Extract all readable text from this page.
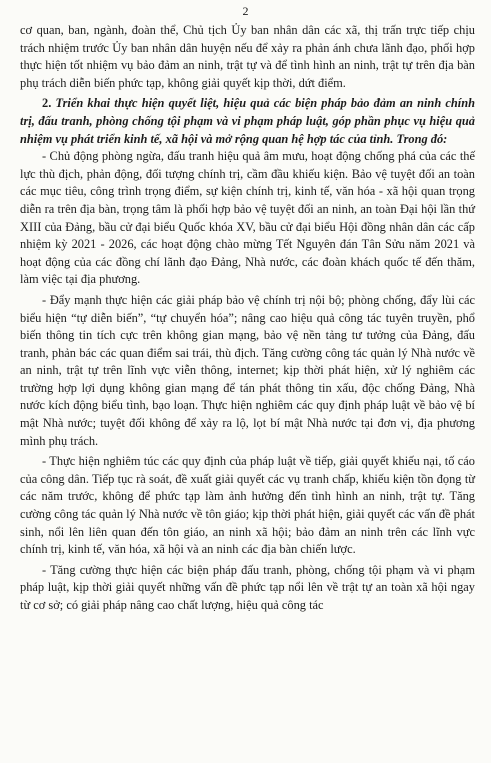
2

cơ quan, ban, ngành, đoàn thể, Chủ tịch Ủy ban nhân dân các xã, thị trấn trực tiếp chịu trách nhiệm trước Ủy ban nhân dân huyện nếu để xảy ra phản ánh chưa lãnh đạo, phối hợp thực hiện tốt nhiệm vụ bảo đảm an ninh, trật tự và để tình hình an ninh, trật tự trên địa bàn phụ trách diễn biến phức tạp, không giải quyết kịp thời, dứt điểm.

2. Triển khai thực hiện quyết liệt, hiệu quả các biện pháp bảo đảm an ninh chính trị, đấu tranh, phòng chống tội phạm và vi phạm pháp luật, góp phần phục vụ hiệu quả nhiệm vụ phát triển kinh tế, xã hội và mở rộng quan hệ hợp tác của tỉnh. Trong đó:

- Chủ động phòng ngừa, đấu tranh hiệu quả âm mưu, hoạt động chống phá của các thế lực thù địch, phản động, đối tượng chính trị, cầm đầu khiếu kiện. Bảo vệ tuyệt đối an toàn các mục tiêu, công trình trọng điểm, sự kiện chính trị, kinh tế, văn hóa - xã hội quan trọng diễn ra trên địa bàn, trọng tâm là phối hợp bảo vệ tuyệt đối an ninh, an toàn Đại hội lần thứ XIII của Đảng, bầu cử đại biểu Quốc khóa XV, bầu cử đại biểu Hội đồng nhân dân các cấp nhiệm kỳ 2021 - 2026, các hoạt động chào mừng Tết Nguyên đán Tân Sửu năm 2021 và hoạt động của các đồng chí lãnh đạo Đảng, Nhà nước, các đoàn khách quốc tế đến thăm, làm việc tại địa phương.

- Đẩy mạnh thực hiện các giải pháp bảo vệ chính trị nội bộ; phòng chống, đẩy lùi các biểu hiện “tự diễn biến”, “tự chuyển hóa”; nâng cao hiệu quả công tác tuyên truyền, phổ biến thông tin tích cực trên không gian mạng, bảo vệ nền tảng tư tưởng của Đảng, đấu tranh, phản bác các quan điểm sai trái, thù địch. Tăng cường công tác quản lý Nhà nước về an ninh, trật tự trên lĩnh vực viễn thông, internet; kịp thời phát hiện, xử lý nghiêm các trường hợp lợi dụng không gian mạng để tán phát thông tin xấu, độc chống Đảng, Nhà nước kích động biểu tình, bạo loạn. Thực hiện nghiêm các quy định pháp luật về bảo vệ bí mật Nhà nước; tuyệt đối không để xảy ra lộ, lọt bí mật Nhà nước tại đơn vị, địa phương mình phụ trách.

- Thực hiện nghiêm túc các quy định của pháp luật về tiếp, giải quyết khiếu nại, tố cáo của công dân. Tiếp tục rà soát, đề xuất giải quyết các vụ tranh chấp, khiếu kiện tồn đọng từ các năm trước, không để phức tạp làm ảnh hưởng đến tình hình an ninh, trật tự. Tăng cường công tác quản lý Nhà nước về tôn giáo; kịp thời phát hiện, giải quyết các vấn đề phát sinh, nổi lên liên quan đến tôn giáo, an ninh xã hội; bảo đảm an ninh trên các lĩnh vực chính trị, kinh tế, văn hóa, xã hội và an ninh các địa bàn chiến lược.

- Tăng cường thực hiện các biện pháp đấu tranh, phòng, chống tội phạm và vi phạm pháp luật, kịp thời giải quyết những vấn đề phức tạp nổi lên về trật tự an toàn xã hội ngay từ cơ sở; có giải pháp nâng cao chất lượng, hiệu quả công tác
